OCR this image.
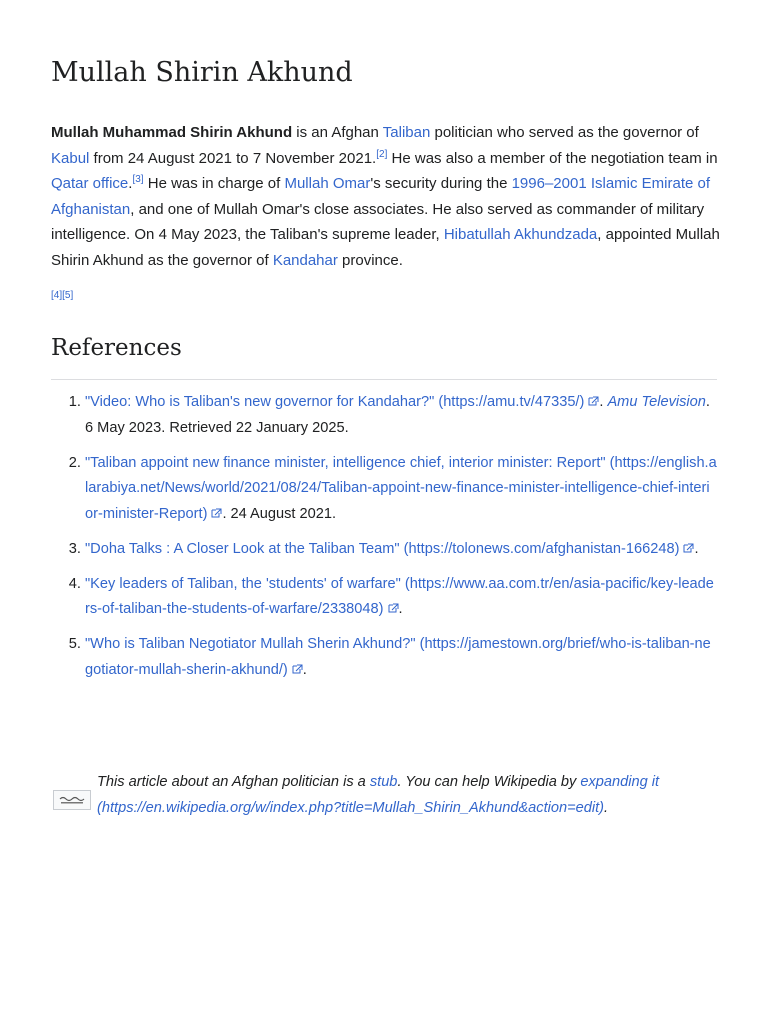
Mullah Shirin Akhund

Mullah Muhammad Shirin Akhund is an Afghan Taliban politician who served as the governor of Kabul from 24 August 2021 to 7 November 2021.[2] He was also a member of the negotiation team in Qatar office.[3] He was in charge of Mullah Omar's security during the 1996–2001 Islamic Emirate of Afghanistan, and one of Mullah Omar's close associates. He also served as commander of military intelligence. On 4 May 2023, the Taliban's supreme leader, Hibatullah Akhundzada, appointed Mullah Shirin Akhund as the governor of Kandahar province.

[4][5]
References
1. "Video: Who is Taliban's new governor for Kandahar?" (https://amu.tv/47335/) . Amu Television. 6 May 2023. Retrieved 22 January 2025.
2. "Taliban appoint new finance minister, intelligence chief, interior minister: Report" (https://english.alarabiya.net/News/world/2021/08/24/Taliban-appoint-new-finance-minister-intelligence-chief-interior-minister-Report) . 24 August 2021.
3. "Doha Talks : A Closer Look at the Taliban Team" (https://tolonews.com/afghanistan-166248) .
4. "Key leaders of Taliban, the 'students' of warfare" (https://www.aa.com.tr/en/asia-pacific/key-leaders-of-taliban-the-students-of-warfare/2338048) .
5. "Who is Taliban Negotiator Mullah Sherin Akhund?" (https://jamestown.org/brief/who-is-taliban-negotiator-mullah-sherin-akhund/) .

This article about an Afghan politician is a stub. You can help Wikipedia by expanding it (https://en.wikipedia.org/w/index.php?title=Mullah_Shirin_Akhund&action=edit).
